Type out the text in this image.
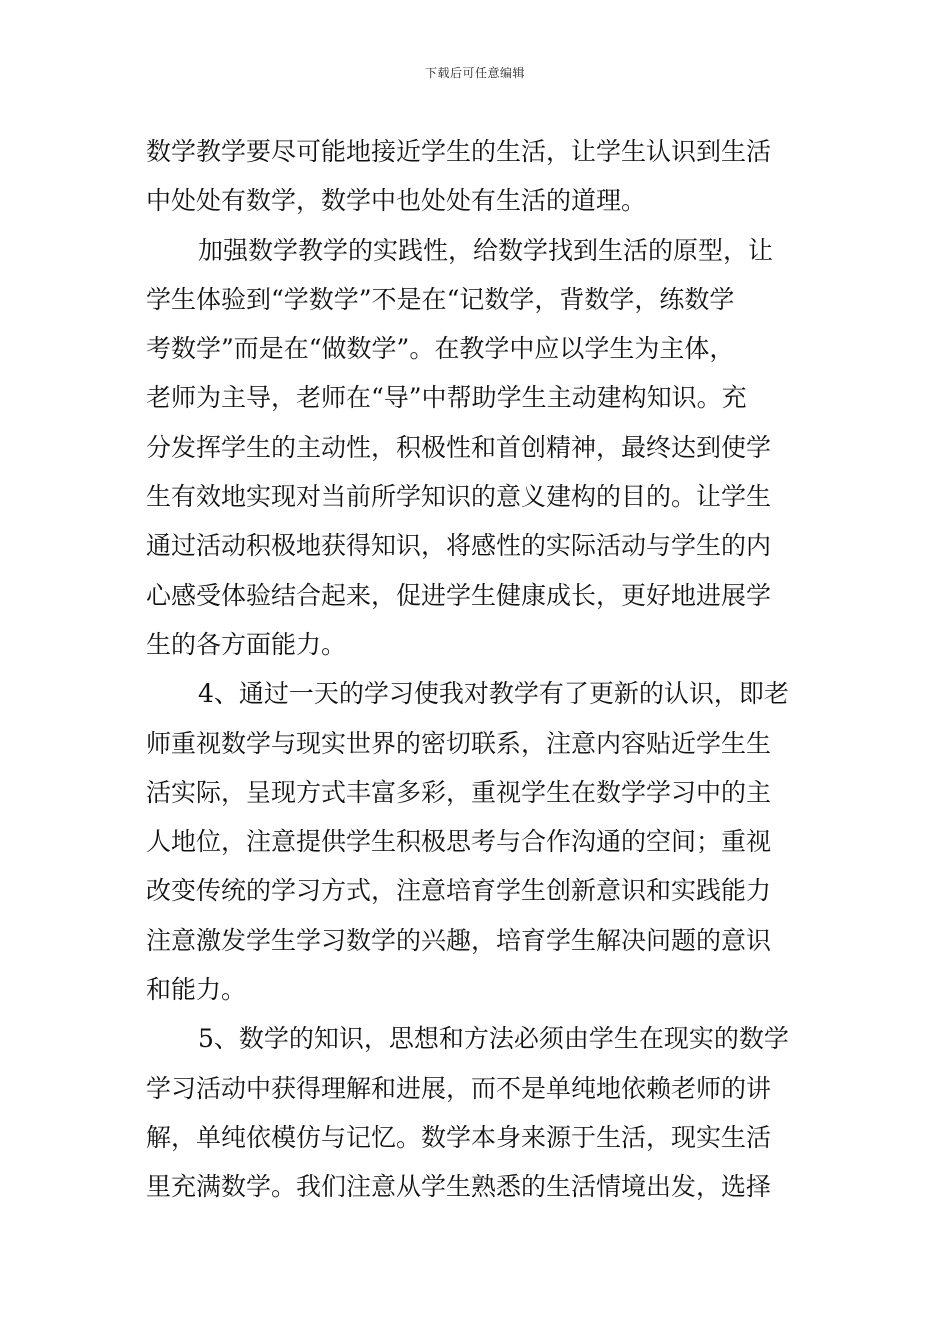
下载后可任意编辑
数学教学要尽可能地接近学生的生活，让学生认识到生活
中处处有数学，数学中也处处有生活的道理。
加强数学教学的实践性，给数学找到生活的原型，让
学生体验到“学数学”不是在“记数学，背数学，练数学
考数学”而是在“做数学”。在教学中应以学生为主体，
老师为主导，老师在“导”中帮助学生主动建构知识。充
分发挥学生的主动性，积极性和首创精神，最终达到使学
生有效地实现对当前所学知识的意义建构的目的。让学生
通过活动积极地获得知识，将感性的实际活动与学生的内
心感受体验结合起来，促进学生健康成长，更好地进展学
生的各方面能力。
4、通过一天的学习使我对教学有了更新的认识，即老
师重视数学与现实世界的密切联系，注意内容贴近学生生
活实际，呈现方式丰富多彩，重视学生在数学学习中的主
人地位，注意提供学生积极思考与合作沟通的空间；重视
改变传统的学习方式，注意培育学生创新意识和实践能力
注意激发学生学习数学的兴趣，培育学生解决问题的意识
和能力。
5、数学的知识，思想和方法必须由学生在现实的数学
学习活动中获得理解和进展，而不是单纯地依赖老师的讲
解，单纯依模仿与记忆。数学本身来源于生活，现实生活
里充满数学。我们注意从学生熟悉的生活情境出发，选择
